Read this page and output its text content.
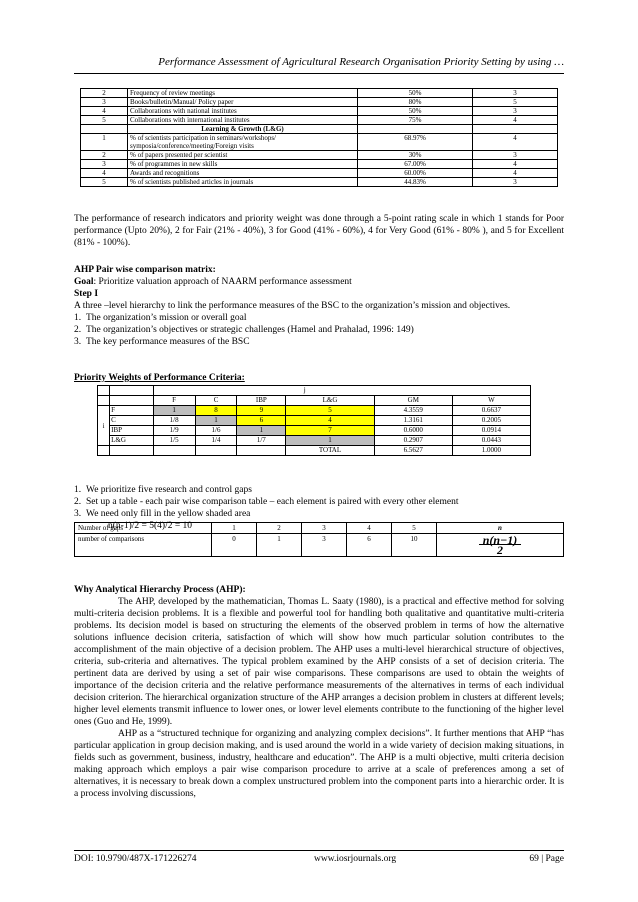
Performance Assessment of Agricultural Research Organisation Priority Setting by using …
2	Frequency of review meetings	50%	3
3	Books/bulletin/Manual/ Policy paper	80%	5
4	Collaborations with national institutes	50%	3
5	Collaborations with international institutes	75%	4
	Learning & Growth (L&G)		
1	% of scientists participation in seminars/workshops/ symposia/conference/meeting/Foreign visits	68.97%	4
2	% of papers presented per scientist	30%	3
3	% of programmes in new skills	67.00%	4
4	Awards and recognitions	60.00%	4
5	% of scientists published articles in journals	44.83%	3

The performance of research indicators and priority weight was done through a 5-point rating scale in which 1 stands for Poor performance (Upto 20%), 2 for Fair (21% - 40%), 3 for Good (41% - 60%), 4 for Very Good (61% - 80% ), and 5 for Excellent (81% - 100%).

AHP Pair wise comparison matrix:

Goal: Prioritize valuation approach of NAARM performance assessment

Step I

A three –level hierarchy to link the performance measures of the BSC to the organization’s mission and objectives.

1. The organization’s mission or overall goal
2. The organization’s objectives or strategic challenges (Hamel and Prahalad, 1996: 149)
3. The key performance measures of the BSC

Priority Weights of Performance Criteria:

		j					
		F	C	IBP	L&G	GM	W
i	F	1	8	9	5	4.3559	0.6637
	C	1/8	1	6	4	1.3161	0.2005
	IBP	1/9	1/6	1	7	0.6000	0.0914
	L&G	1/5	1/4	1/7	1	0.2907	0.0443
					TOTAL	6.5627	1.0000
1. We prioritize five research and control gaps
2. Set up a table - each pair wise comparison table – each element is paired with every other element
3. We need only fill in the yellow shaded area

n(n-1)/2 = 5(4)/2 = 10

Number of gaps	1	2	3	4	5	n
number of comparisons	0	1	3	6	10	n(n−1)
2

Why Analytical Hierarchy Process (AHP):

The AHP, developed by the mathematician, Thomas L. Saaty (1980), is a practical and effective method for solving multi-criteria decision problems. It is a flexible and powerful tool for handling both qualitative and quantitative multi-criteria problems. Its decision model is based on structuring the elements of the observed problem in terms of how the alternative solutions influence decision criteria, satisfaction of which will show how much particular solution contributes to the accomplishment of the main objective of a decision problem. The AHP uses a multi-level hierarchical structure of objectives, criteria, sub-criteria and alternatives. The typical problem examined by the AHP consists of a set of decision criteria. The pertinent data are derived by using a set of pair wise comparisons. These comparisons are used to obtain the weights of importance of the decision criteria and the relative performance measurements of the alternatives in terms of each individual decision criterion. The hierarchical organization structure of the AHP arranges a decision problem in clusters at different levels; higher level elements transmit influence to lower ones, or lower level elements contribute to the functioning of the higher level ones (Guo and He, 1999).

AHP as a “structured technique for organizing and analyzing complex decisions”. It further mentions that AHP “has particular application in group decision making, and is used around the world in a wide variety of decision making situations, in fields such as government, business, industry, healthcare and education”. The AHP is a multi objective, multi criteria decision making approach which employs a pair wise comparison procedure to arrive at a scale of preferences among a set of alternatives, it is necessary to break down a complex unstructured problem into the component parts into a hierarchic order. It is a process involving discussions,

DOI: 10.9790/487X-171226274	www.iosrjournals.org	69 | Page
